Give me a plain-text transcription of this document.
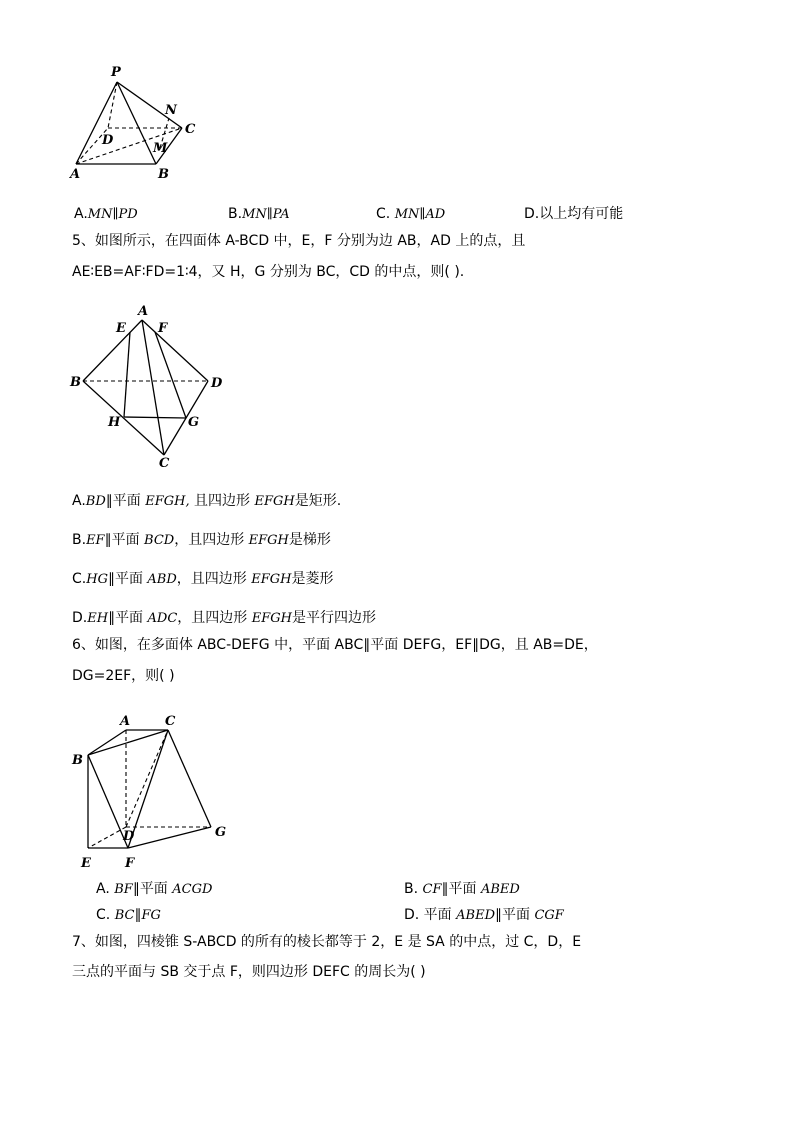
P
N
C
D
M
A	B
A.MN∥PD	B.MN∥PA	C. MN∥AD	D.以上均有可能
5、如图所示，在四面体 A-BCD 中，E，F 分别为边 AB，AD 上的点，且
AE∶EB=AF∶FD=1∶4，又 H，G 分别为 BC，CD 的中点，则( ).
A
E F
B	D
H	G
C
A.BD∥平面 EFGH, 且四边形 EFGH是矩形.
B.EF∥平面 BCD，且四边形 EFGH是梯形
C.HG∥平面 ABD，且四边形 EFGH是菱形
D.EH∥平面 ADC，且四边形 EFGH是平行四边形
6、如图，在多面体 ABC-DEFG 中，平面 ABC∥平面 DEFG，EF∥DG，且 AB=DE，
DG=2EF，则( )
A	C
B
D	G
E	F
A. BF∥平面 ACGD	B. CF∥平面 ABED
C. BC∥FG	D. 平面 ABED∥平面 CGF
7、如图，四棱锥 S-ABCD 的所有的棱长都等于 2，E 是 SA 的中点，过 C，D，E
三点的平面与 SB 交于点 F，则四边形 DEFC 的周长为( )
